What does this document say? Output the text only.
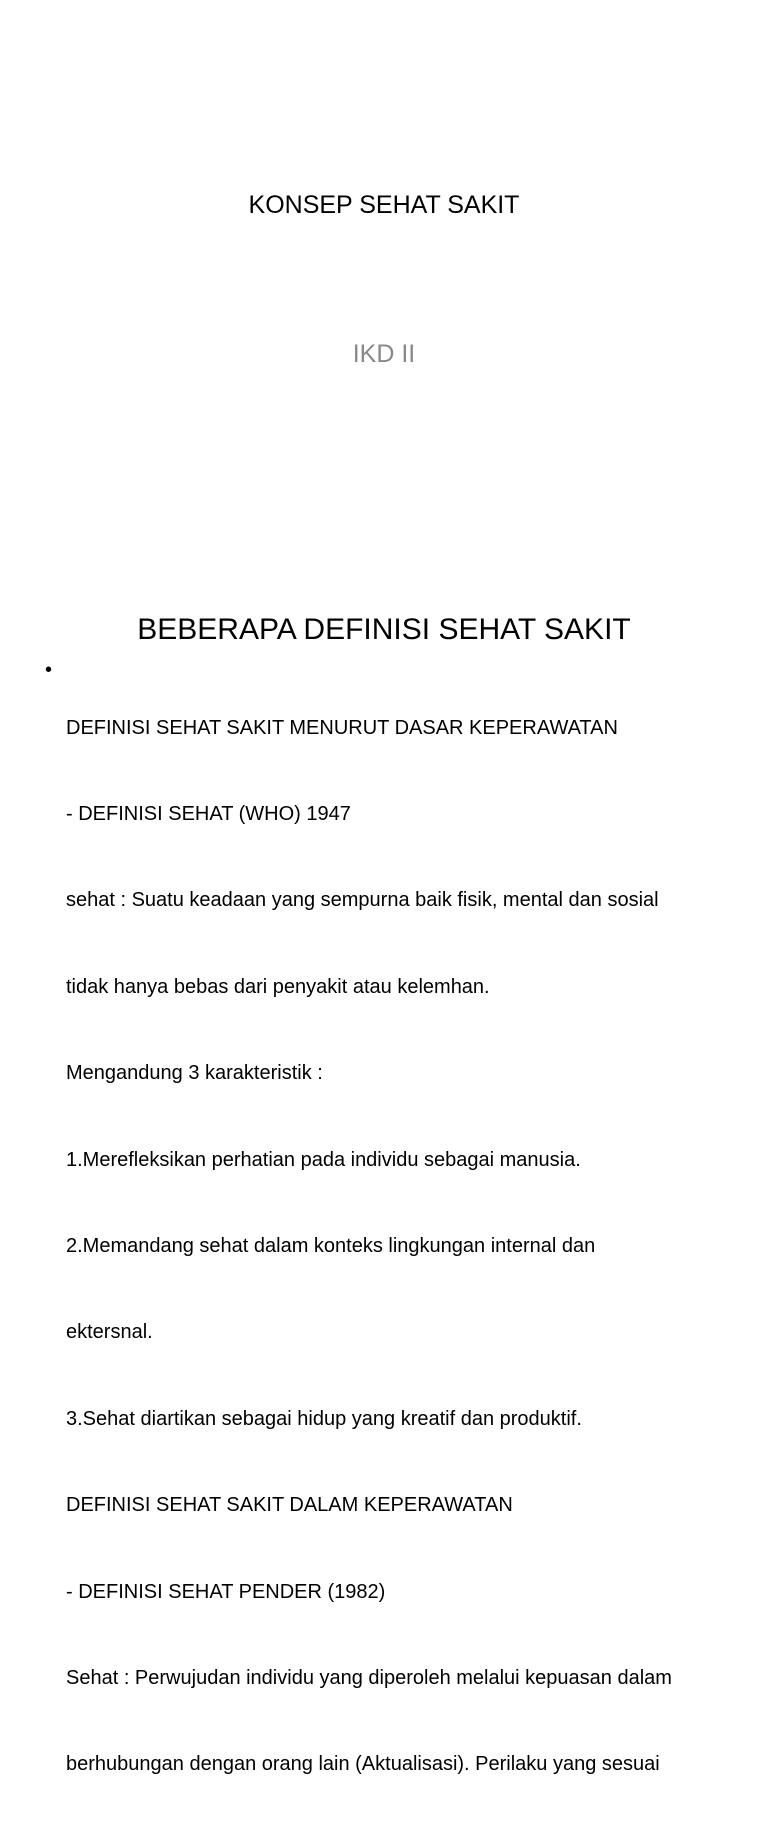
KONSEP SEHAT SAKIT
IKD II
BEBERAPA DEFINISI SEHAT SAKIT
•

DEFINISI SEHAT SAKIT MENURUT DASAR KEPERAWATAN

- DEFINISI SEHAT (WHO) 1947

sehat : Suatu keadaan yang sempurna baik fisik, mental dan sosial

tidak hanya bebas dari penyakit atau kelemhan.

Mengandung 3 karakteristik :

1.Merefleksikan perhatian pada individu sebagai manusia.

2.Memandang sehat dalam konteks lingkungan internal dan

ektersnal.

3.Sehat diartikan sebagai hidup yang kreatif dan produktif.

DEFINISI SEHAT SAKIT DALAM KEPERAWATAN

- DEFINISI SEHAT PENDER (1982)

Sehat : Perwujudan individu yang diperoleh melalui kepuasan dalam

berhubungan dengan orang lain (Aktualisasi). Perilaku yang sesuai
